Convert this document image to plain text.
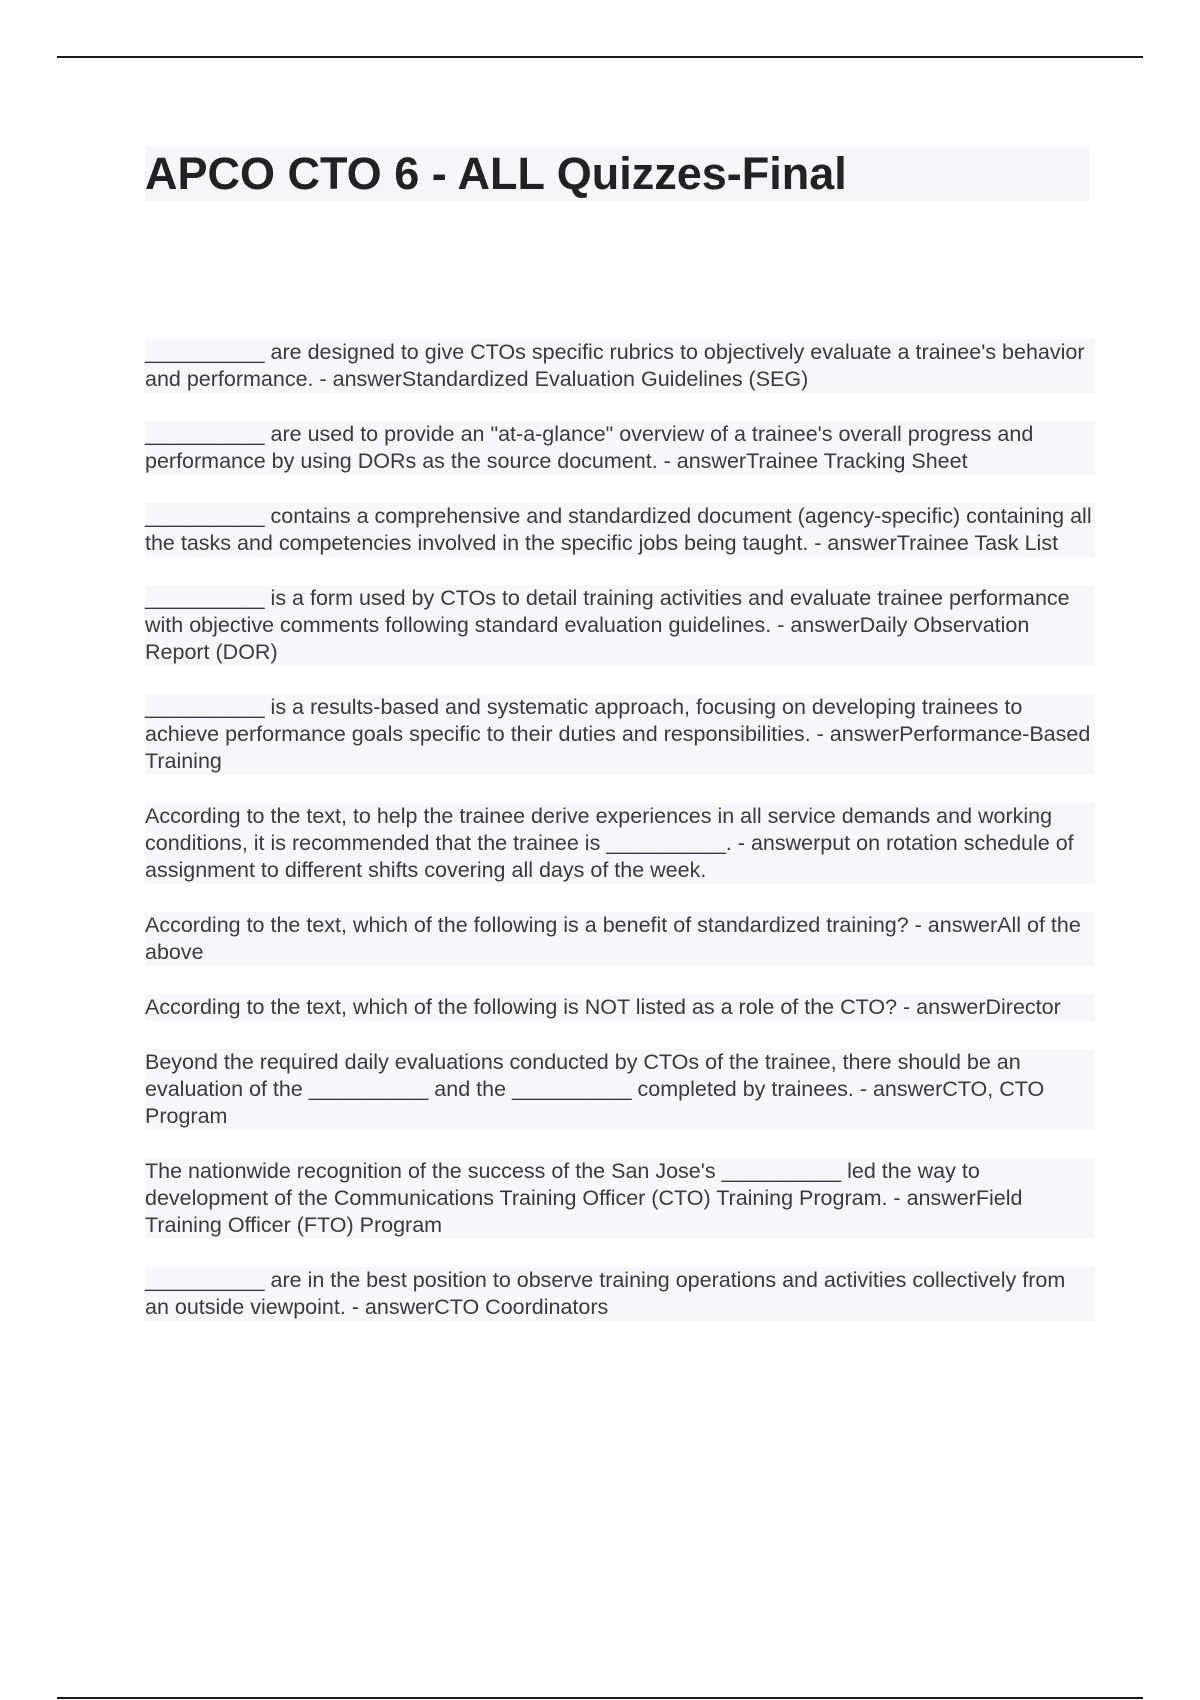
APCO CTO 6 - ALL Quizzes-Final

__________ are designed to give CTOs specific rubrics to objectively evaluate a trainee's behavior and performance. - answerStandardized Evaluation Guidelines (SEG)

__________ are used to provide an "at-a-glance" overview of a trainee's overall progress and performance by using DORs as the source document. - answerTrainee Tracking Sheet

__________ contains a comprehensive and standardized document (agency-specific) containing all the tasks and competencies involved in the specific jobs being taught. - answerTrainee Task List

__________ is a form used by CTOs to detail training activities and evaluate trainee performance with objective comments following standard evaluation guidelines. - answerDaily Observation Report (DOR)

__________ is a results-based and systematic approach, focusing on developing trainees to achieve performance goals specific to their duties and responsibilities. - answerPerformance-Based Training

According to the text, to help the trainee derive experiences in all service demands and working conditions, it is recommended that the trainee is __________. - answerput on rotation schedule of assignment to different shifts covering all days of the week.

According to the text, which of the following is a benefit of standardized training? - answerAll of the above

According to the text, which of the following is NOT listed as a role of the CTO? - answerDirector

Beyond the required daily evaluations conducted by CTOs of the trainee, there should be an evaluation of the __________ and the __________ completed by trainees. - answerCTO, CTO Program

The nationwide recognition of the success of the San Jose's __________ led the way to development of the Communications Training Officer (CTO) Training Program. - answerField Training Officer (FTO) Program

__________ are in the best position to observe training operations and activities collectively from an outside viewpoint. - answerCTO Coordinators
